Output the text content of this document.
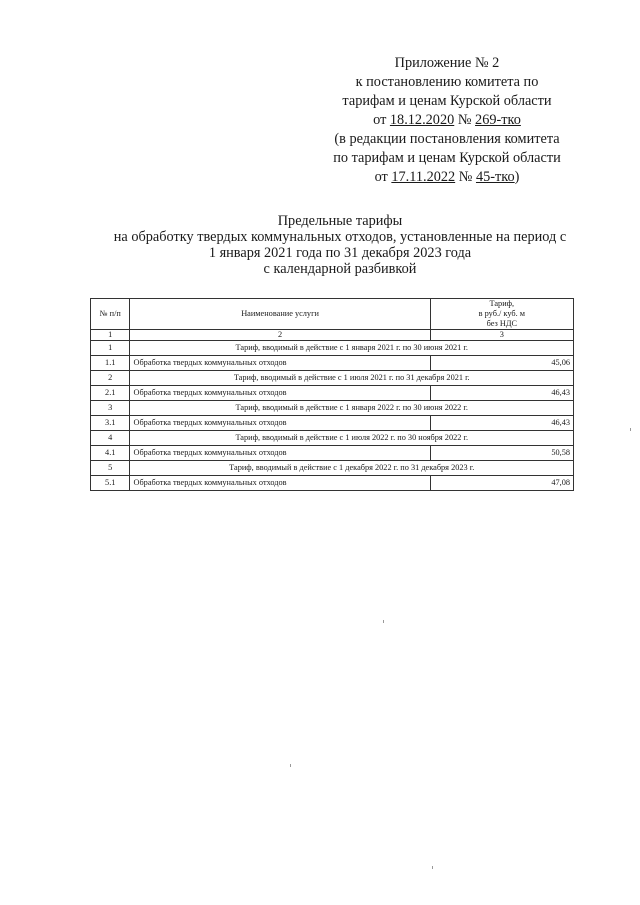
Приложение № 2
к постановлению комитета по
тарифам и ценам Курской области
от 18.12.2020 № 269-тко
(в редакции постановления комитета
по тарифам и ценам Курской области
от 17.11.2022 № 45-тко)
Предельные тарифы
на обработку твердых коммунальных отходов, установленные на период с
1 января 2021 года по 31 декабря 2023 года
с календарной разбивкой
№ п/п	Наименование услуги	Тариф,
в руб./ куб. м
без НДС

1	2	3
1	Тариф, вводимый в действие с 1 января 2021 г. по 30 июня 2021 г.	
1.1	Обработка твердых коммунальных отходов	45,06
2	Тариф, вводимый в действие с 1 июля 2021 г. по 31 декабря 2021 г.	
2.1	Обработка твердых коммунальных отходов	46,43
3	Тариф, вводимый в действие с 1 января 2022 г. по 30 июня 2022 г.	
3.1	Обработка твердых коммунальных отходов	46,43
4	Тариф, вводимый в действие с 1 июля 2022 г. по 30 ноября 2022 г.	
4.1	Обработка твердых коммунальных отходов	50,58
5	Тариф, вводимый в действие с 1 декабря 2022 г. по 31 декабря 2023 г.	
5.1	Обработка твердых коммунальных отходов	47,08
